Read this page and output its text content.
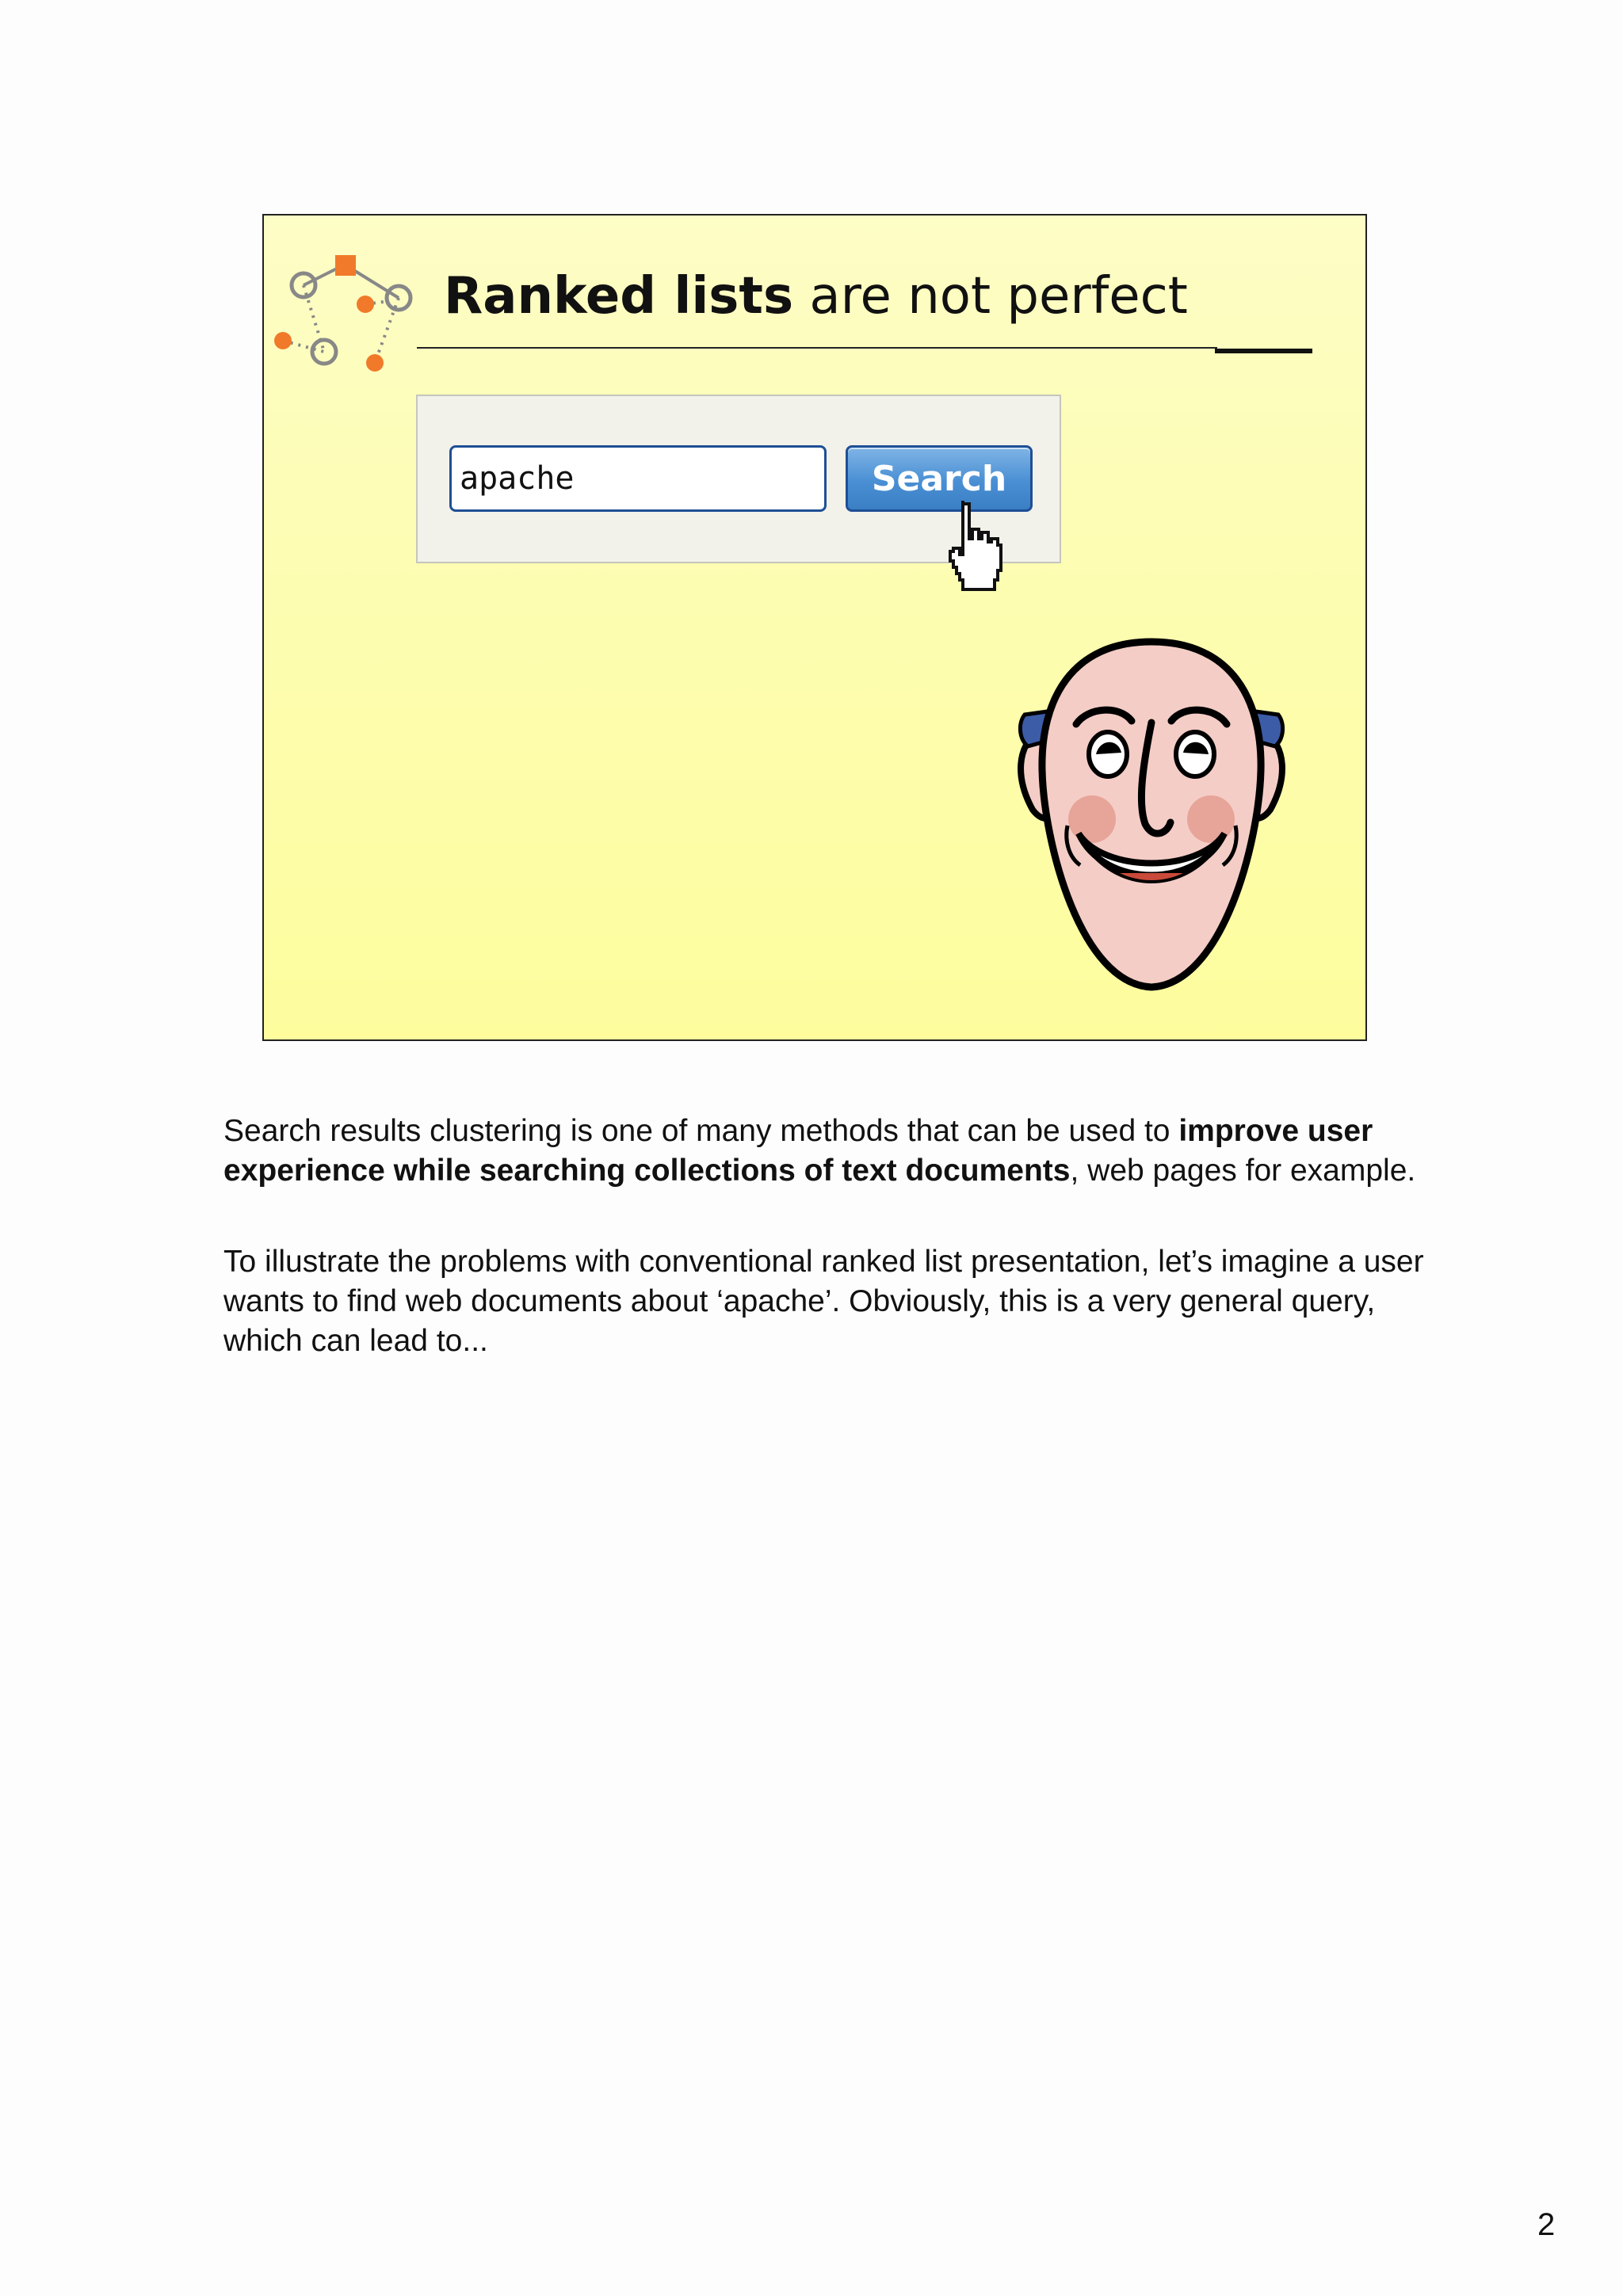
Ranked lists are not perfect
apache
Search

Search results clustering is one of many methods that can be used to improve user experience while searching collections of text documents, web pages for example.

To illustrate the problems with conventional ranked list presentation, let’s imagine a user wants to find web documents about ‘apache’. Obviously, this is a very general query, which can lead to...

2
